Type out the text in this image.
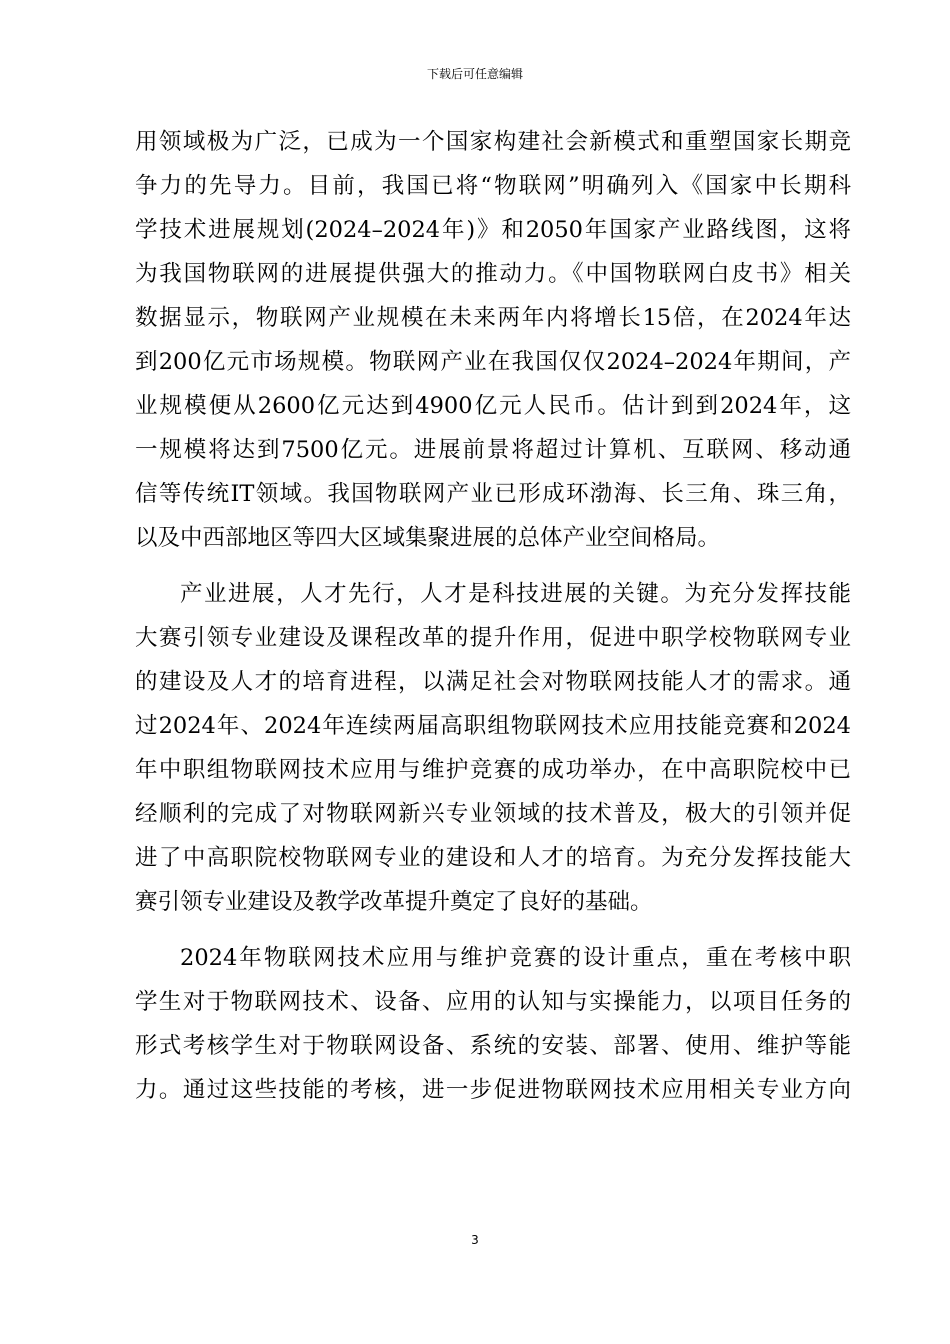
下载后可任意编辑
用领域极为广泛，已成为一个国家构建社会新模式和重塑国家长期竞
争力的先导力。目前，我国已将“物联网”明确列入《国家中长期科
学技术进展规划(2024–2024年)》和2050年国家产业路线图，这将
为我国物联网的进展提供强大的推动力。《中国物联网白皮书》相关
数据显示，物联网产业规模在未来两年内将增长15倍，在2024年达
到200亿元市场规模。物联网产业在我国仅仅2024–2024年期间，产
业规模便从2600亿元达到4900亿元人民币。估计到到2024年，这
一规模将达到7500亿元。进展前景将超过计算机、互联网、移动通
信等传统IT领域。我国物联网产业已形成环渤海、长三角、珠三角，
以及中西部地区等四大区域集聚进展的总体产业空间格局。
产业进展，人才先行，人才是科技进展的关键。为充分发挥技能
大赛引领专业建设及课程改革的提升作用，促进中职学校物联网专业
的建设及人才的培育进程，以满足社会对物联网技能人才的需求。通
过2024年、2024年连续两届高职组物联网技术应用技能竞赛和2024
年中职组物联网技术应用与维护竞赛的成功举办，在中高职院校中已
经顺利的完成了对物联网新兴专业领域的技术普及，极大的引领并促
进了中高职院校物联网专业的建设和人才的培育。为充分发挥技能大
赛引领专业建设及教学改革提升奠定了良好的基础。
2024年物联网技术应用与维护竞赛的设计重点，重在考核中职
学生对于物联网技术、设备、应用的认知与实操能力，以项目任务的
形式考核学生对于物联网设备、系统的安装、部署、使用、维护等能
力。通过这些技能的考核，进一步促进物联网技术应用相关专业方向
3
